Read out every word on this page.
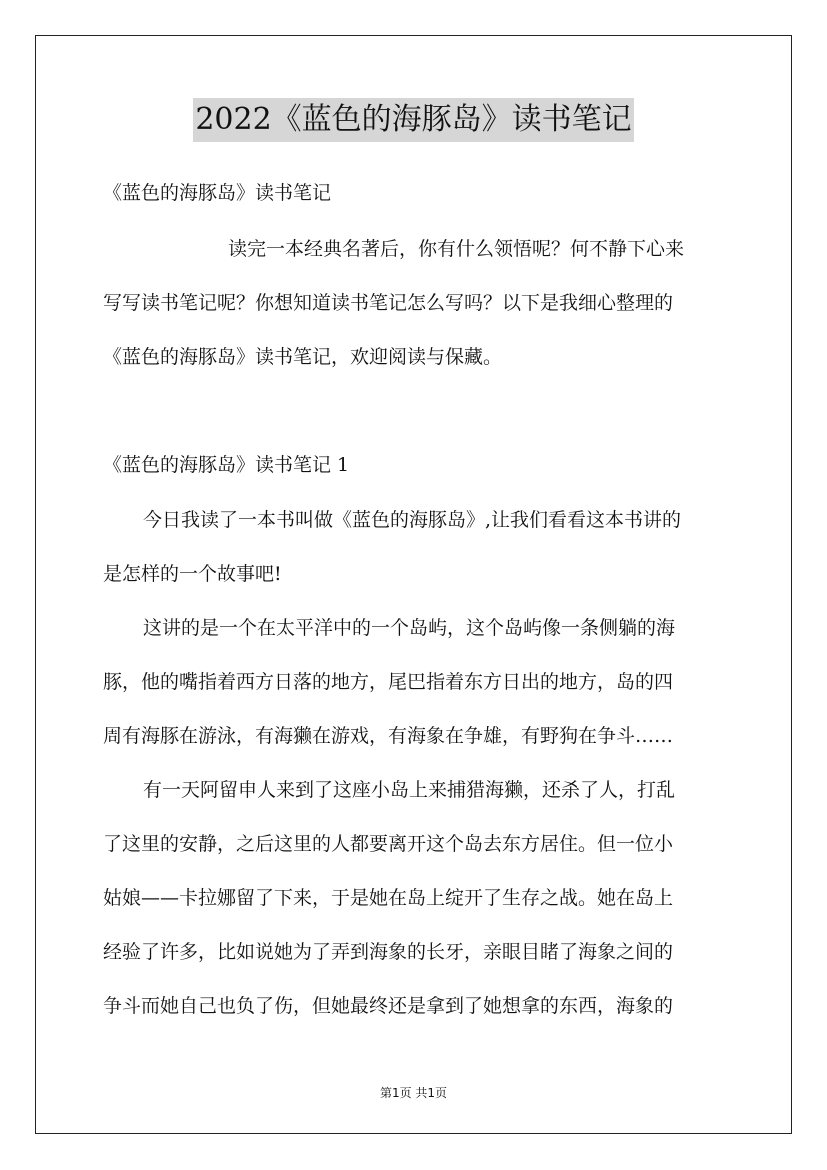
2022《蓝色的海豚岛》读书笔记
《蓝色的海豚岛》读书笔记
读完一本经典名著后，你有什么领悟呢？何不静下心来
写写读书笔记呢？你想知道读书笔记怎么写吗？以下是我细心整理的
《蓝色的海豚岛》读书笔记，欢迎阅读与保藏。
《蓝色的海豚岛》读书笔记 1
今日我读了一本书叫做《蓝色的海豚岛》,让我们看看这本书讲的
是怎样的一个故事吧!
这讲的是一个在太平洋中的一个岛屿，这个岛屿像一条侧躺的海
豚，他的嘴指着西方日落的地方，尾巴指着东方日出的地方，岛的四
周有海豚在游泳，有海獭在游戏，有海象在争雄，有野狗在争斗……
有一天阿留申人来到了这座小岛上来捕猎海獭，还杀了人，打乱
了这里的安静，之后这里的人都要离开这个岛去东方居住。但一位小
姑娘——卡拉娜留了下来，于是她在岛上绽开了生存之战。她在岛上
经验了许多，比如说她为了弄到海象的长牙，亲眼目睹了海象之间的
争斗而她自己也负了伤，但她最终还是拿到了她想拿的东西，海象的
第1页 共1页
